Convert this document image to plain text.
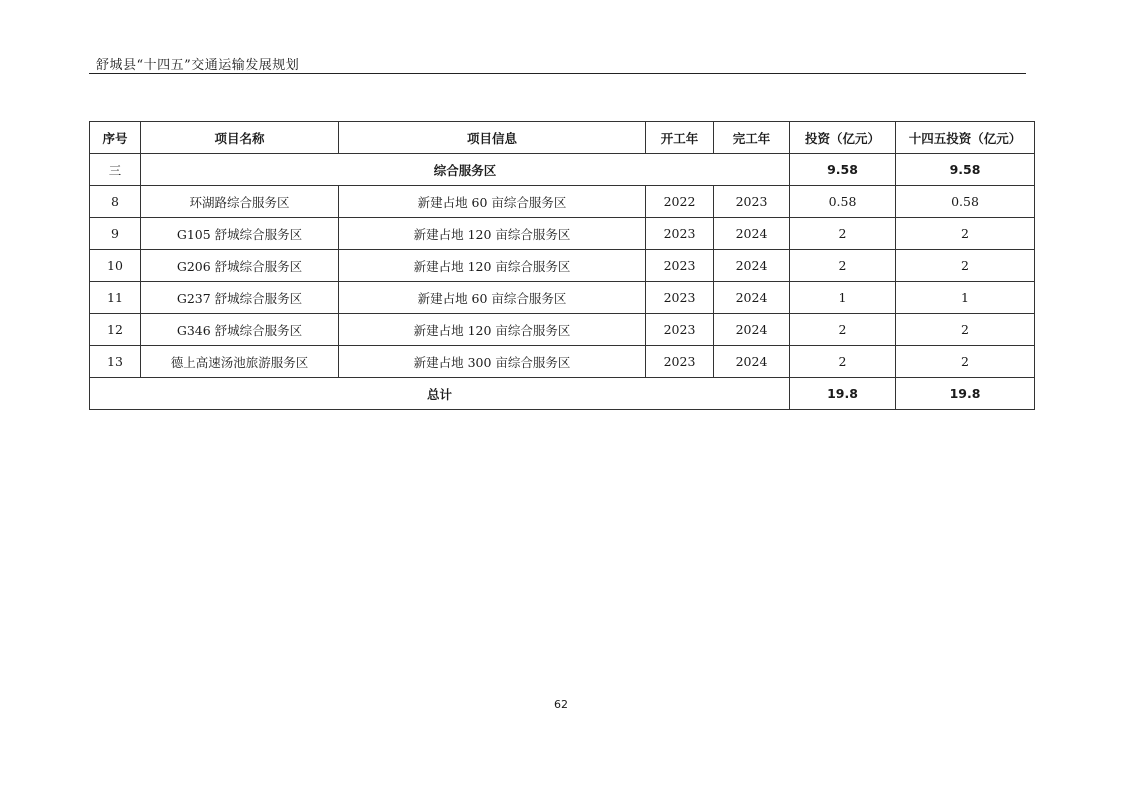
舒城县“十四五”交通运输发展规划
序号	项目名称	项目信息	开工年	完工年	投资（亿元）	十四五投资（亿元）
三	综合服务区				9.58	9.58
8	环湖路综合服务区	新建占地 60 亩综合服务区	2022	2023	0.58	0.58
9	G105 舒城综合服务区	新建占地 120 亩综合服务区	2023	2024	2	2
10	G206 舒城综合服务区	新建占地 120 亩综合服务区	2023	2024	2	2
11	G237 舒城综合服务区	新建占地 60 亩综合服务区	2023	2024	1	1
12	G346 舒城综合服务区	新建占地 120 亩综合服务区	2023	2024	2	2
13	德上高速汤池旅游服务区	新建占地 300 亩综合服务区	2023	2024	2	2
总计					19.8	19.8
62
